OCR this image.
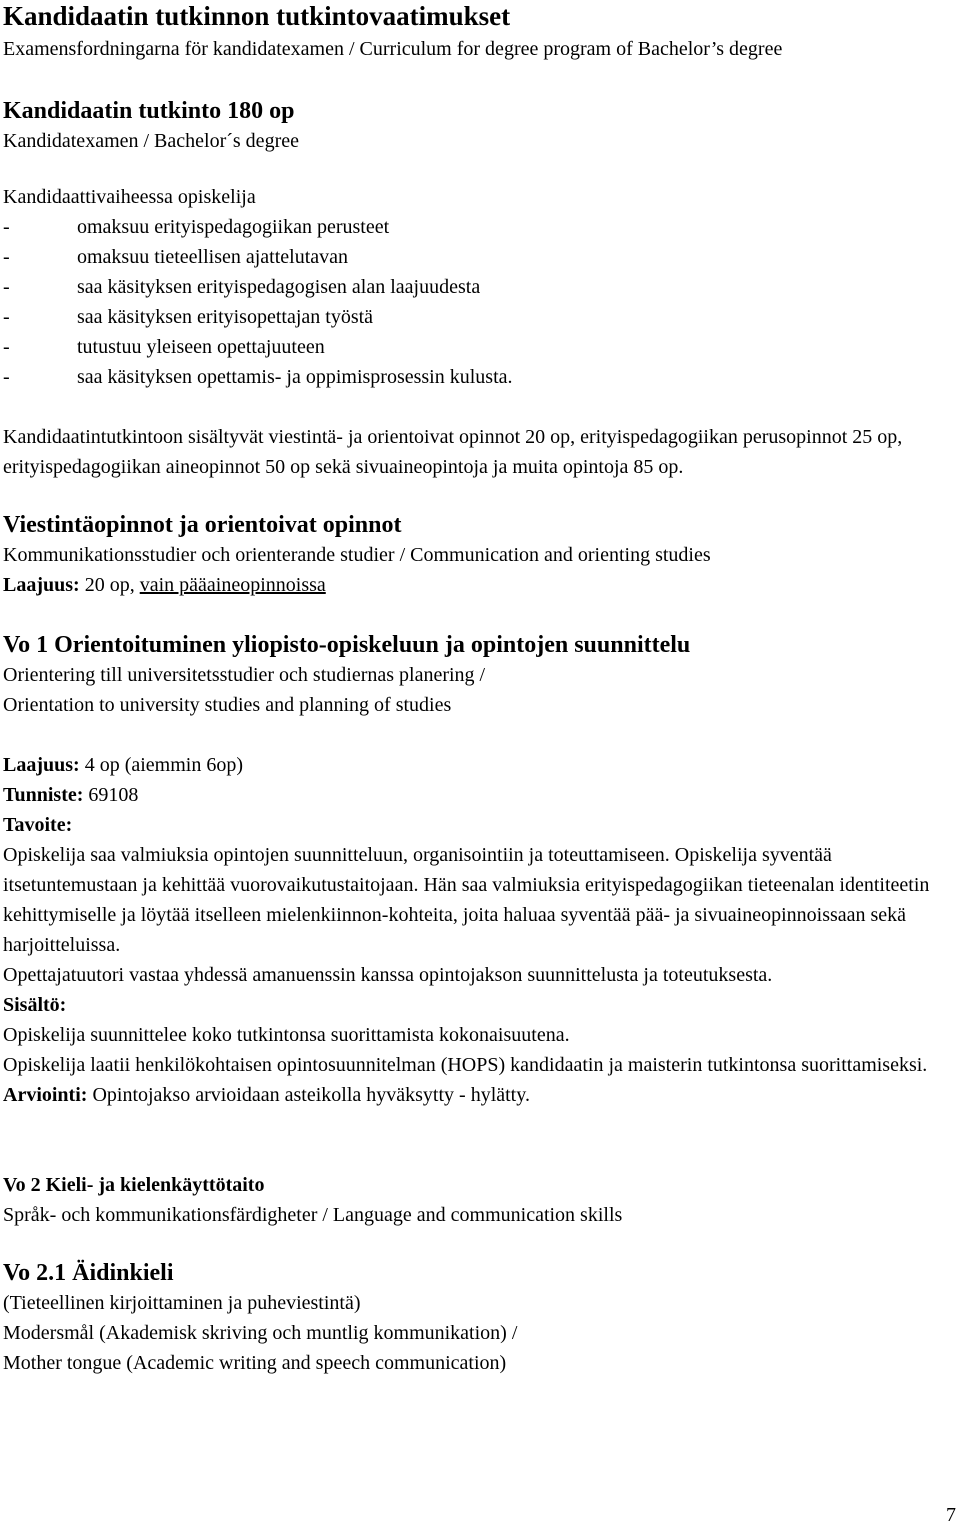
Kandidaatin tutkinnon tutkintovaatimukset
Examensfordningarna för kandidatexamen / Curriculum for degree program of Bachelor’s degree
Kandidaatin tutkinto 180 op
Kandidatexamen / Bachelor´s degree
Kandidaattivaiheessa opiskelija
-	omaksuu erityispedagogiikan perusteet
-	omaksuu tieteellisen ajattelutavan
-	saa käsityksen erityispedagogisen alan laajuudesta
-	saa käsityksen erityisopettajan työstä
-	tutustuu yleiseen opettajuuteen
-	saa käsityksen opettamis- ja oppimisprosessin kulusta.
Kandidaatintutkintoon sisältyvät viestintä- ja orientoivat opinnot 20 op, erityispedagogiikan perusopinnot 25 op, erityispedagogiikan aineopinnot 50 op sekä sivuaineopintoja ja muita opintoja 85 op.
Viestintäopinnot ja orientoivat opinnot
Kommunikationsstudier och orienterande studier / Communication and orienting studies
Laajuus: 20 op, vain pääaineopinnoissa
Vo 1 Orientoituminen yliopisto-opiskeluun ja opintojen suunnittelu
Orientering till universitetsstudier och studiernas planering /
Orientation to university studies and planning of studies
Laajuus: 4 op (aiemmin 6op)
Tunniste: 69108
Tavoite:
Opiskelija saa valmiuksia opintojen suunnitteluun, organisointiin ja toteuttamiseen. Opiskelija syventää itsetuntemustaan ja kehittää vuorovaikutustaitojaan. Hän saa valmiuksia erityispedagogiikan tieteenalan identiteetin kehittymiselle ja löytää itselleen mielenkiinnon-kohteita, joita haluaa syventää pää- ja sivuaineopinnoissaan sekä harjoitteluissa.
Opettajatuutori vastaa yhdessä amanuenssin kanssa opintojakson suunnittelusta ja toteutuksesta.
Sisältö:
Opiskelija suunnittelee koko tutkintonsa suorittamista kokonaisuutena.
Opiskelija laatii henkilökohtaisen opintosuunnitelman (HOPS) kandidaatin ja maisterin tutkintonsa suorittamiseksi.
Arviointi: Opintojakso arvioidaan asteikolla hyväksytty - hylätty.
Vo 2 Kieli- ja kielenkäyttötaito
Språk- och kommunikationsfärdigheter / Language and communication skills
Vo 2.1 Äidinkieli
(Tieteellinen kirjoittaminen ja puheviestintä)
Modersmål (Akademisk skriving och muntlig kommunikation) /
Mother tongue (Academic writing and speech communication)
7
